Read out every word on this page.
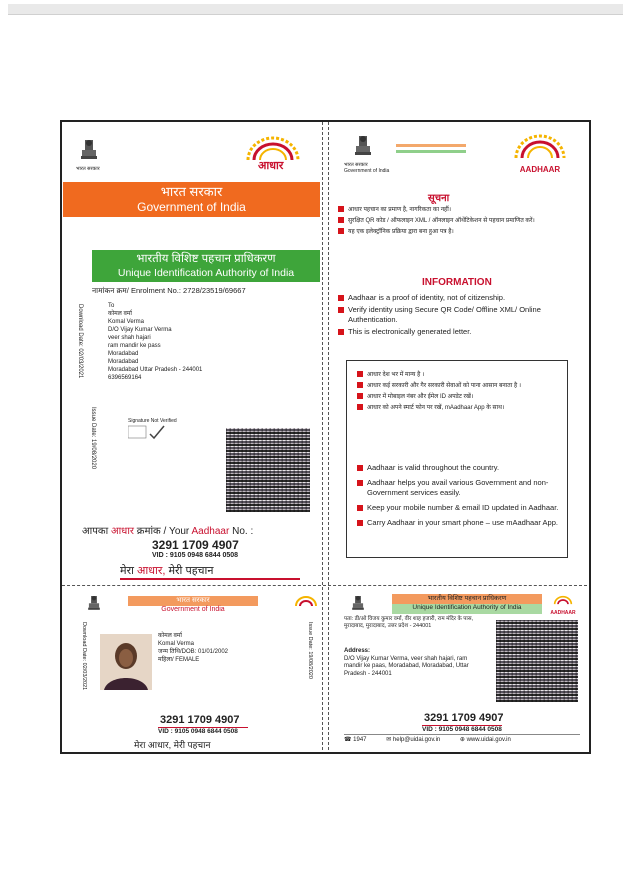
भारत सरकार	आधार
भारत सरकार
Government of India
भारतीय विशिष्ट पहचान प्राधिकरण
Unique Identification Authority of India
नामांकन क्रम/ Enrolment No.: 2728/23519/69667
Download Date: 02/03/2021
Issue Date: 19/08/2020
To
कोमल वर्मा
Komal Verma
D/O Vijay Kumar Verma
veer shah hajari
ram mandir ke pass
Moradabad
Moradabad
Moradabad Uttar Pradesh - 244001
6396569164
Signature Not Verified
आपका आधार क्रमांक / Your Aadhaar No. :
3291 1709 4907
VID : 9105 0948 6844 0508
मेरा आधार, मेरी पहचान
भारत सरकार
Government of India	AADHAAR
सूचना
आधार पहचान का प्रमाण है, नागरिकता का नहीं।
सुरक्षित QR कोड / ऑफलाइन XML / ऑनलाइन ऑथेंटिकेशन से पहचान प्रमाणित करें।
यह एक इलेक्ट्रॉनिक प्रक्रिया द्वारा बना हुआ पत्र है।
INFORMATION
Aadhaar is a proof of identity, not of citizenship.
Verify identity using Secure QR Code/ Offline XML/ Online Authentication.
This is electronically generated letter.
आधार देश भर में मान्य है ।
आधार कई सरकारी और गैर सरकारी सेवाओं को पाना आसान बनाता है ।
आधार में मोबाइल नंबर और ईमेल ID अपडेट रखें।
आधार को अपने स्मार्ट फोन पर रखें, mAadhaar App के साथ।
Aadhaar is valid throughout the country.
Aadhaar helps you avail various Government and non-Government services easily.
Keep your mobile number & email ID updated in Aadhaar.
Carry Aadhaar in your smart phone – use mAadhaar App.
भारत सरकार
Government of India
Download Date: 02/03/2021	Issue Date: 19/08/2020
कोमल वर्मा
Komal Verma
जन्म तिथि/DOB: 01/01/2002
महिला/ FEMALE
3291 1709 4907
VID : 9105 0948 6844 0508
मेरा आधार, मेरी पहचान
भारतीय विशिष्ट पहचान प्राधिकरण
Unique Identification Authority of India
AADHAAR
पता: डी/ओ विजय कुमार वर्मा, वीर शाह हजारी, राम मंदिर के पास, मुरादाबाद, मुरादाबाद, उत्तर प्रदेश - 244001
Address:
D/O Vijay Kumar Verma, veer shah hajari, ram mandir ke paas, Moradabad, Moradabad, Uttar Pradesh - 244001
3291 1709 4907
VID : 9105 0948 6844 0508
☎ 1947	✉ help@uidai.gov.in	⊕ www.uidai.gov.in
